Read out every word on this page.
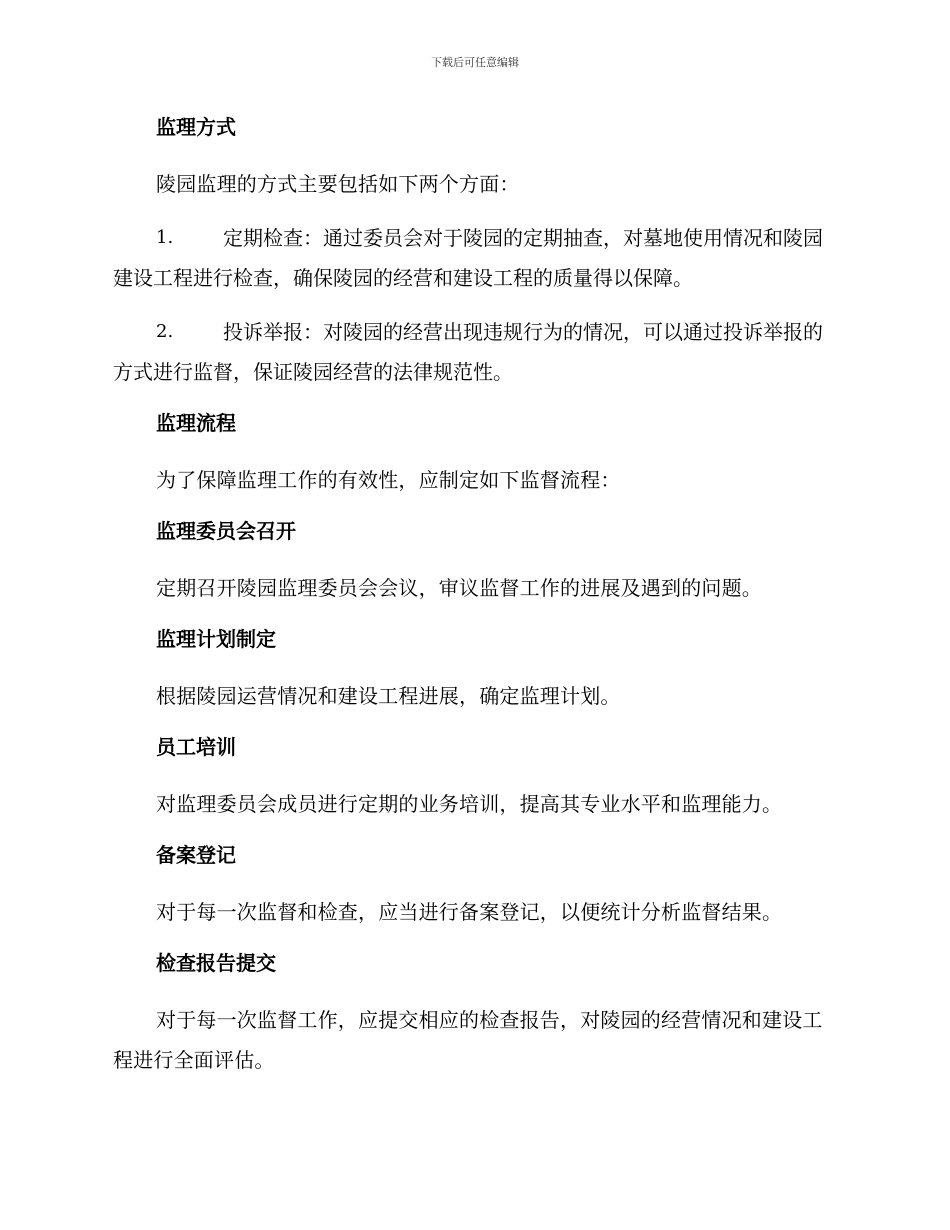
下载后可任意编辑
监理方式
陵园监理的方式主要包括如下两个方面：
1. 定期检查：通过委员会对于陵园的定期抽查，对墓地使用情况和陵园建设工程进行检查，确保陵园的经营和建设工程的质量得以保障。
2. 投诉举报：对陵园的经营出现违规行为的情况，可以通过投诉举报的方式进行监督，保证陵园经营的法律规范性。
监理流程
为了保障监理工作的有效性，应制定如下监督流程：
监理委员会召开
定期召开陵园监理委员会会议，审议监督工作的进展及遇到的问题。
监理计划制定
根据陵园运营情况和建设工程进展，确定监理计划。
员工培训
对监理委员会成员进行定期的业务培训，提高其专业水平和监理能力。
备案登记
对于每一次监督和检查，应当进行备案登记，以便统计分析监督结果。
检查报告提交
对于每一次监督工作，应提交相应的检查报告，对陵园的经营情况和建设工程进行全面评估。
